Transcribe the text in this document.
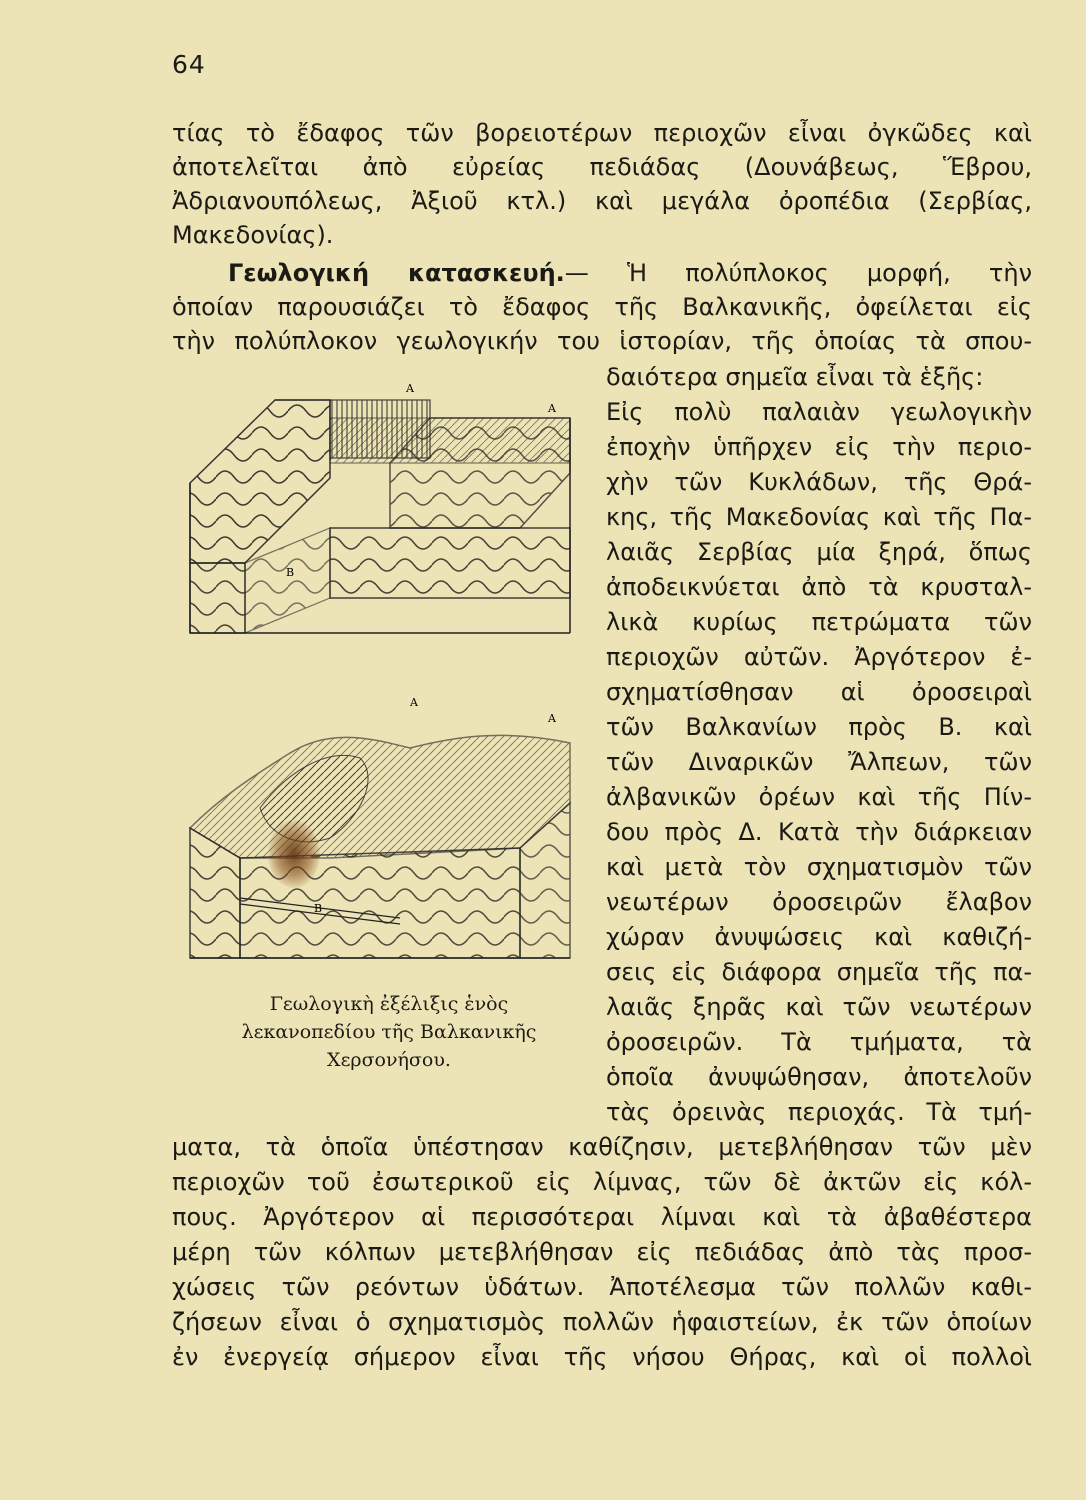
64
τίας τὸ ἔδαφος τῶν βορειοτέρων περιοχῶν εἶναι ὀγκῶδες καὶ
ἀποτελεῖται ἀπὸ εὐρείας πεδιάδας (Δουνάβεως, Ἕβρου,
Ἀδριανουπόλεως, Ἀξιοῦ κτλ.) καὶ μεγάλα ὀροπέδια (Σερβίας,
Μακεδονίας).
Γεωλογική κατασκευή.— Ἡ πολύπλοκος μορφή, τὴν
ὁποίαν παρουσιάζει τὸ ἔδαφος τῆς Βαλκανικῆς, ὀφείλεται εἰς
τὴν πολύπλοκον γεωλογικήν του ἱστορίαν, τῆς ὁποίας τὰ σπου-
δαιότερα σημεῖα εἶναι τὰ ἑξῆς:
Εἰς πολὺ παλαιὰν γεωλογικὴν
ἐποχὴν ὑπῆρχεν εἰς τὴν περιο-
χὴν τῶν Κυκλάδων, τῆς Θρά-
κης, τῆς Μακεδονίας καὶ τῆς Πα-
λαιᾶς Σερβίας μία ξηρά, ὅπως
ἀποδεικνύεται ἀπὸ τὰ κρυσταλ-
λικὰ κυρίως πετρώματα τῶν
περιοχῶν αὐτῶν. Ἀργότερον ἐ-
σχηματίσθησαν αἱ ὀροσειραὶ
τῶν Βαλκανίων πρὸς Β. καὶ
τῶν Διναρικῶν Ἄλπεων, τῶν
ἀλβανικῶν ὀρέων καὶ τῆς Πίν-
δου πρὸς Δ. Κατὰ τὴν διάρκειαν
καὶ μετὰ τὸν σχηματισμὸν τῶν
νεωτέρων ὀροσειρῶν ἔλαβον
χώραν ἀνυψώσεις καὶ καθιζή-
σεις εἰς διάφορα σημεῖα τῆς πα-
λαιᾶς ξηρᾶς καὶ τῶν νεωτέρων
ὀροσειρῶν. Τὰ τμήματα, τὰ
ὁποῖα ἀνυψώθησαν, ἀποτελοῦν
τὰς ὀρεινὰς περιοχάς. Τὰ τμή-
ματα, τὰ ὁποῖα ὑπέστησαν καθίζησιν, μετεβλήθησαν τῶν μὲν
περιοχῶν τοῦ ἐσωτερικοῦ εἰς λίμνας, τῶν δὲ ἀκτῶν εἰς κόλ-
πους. Ἀργότερον αἱ περισσότεραι λίμναι καὶ τὰ ἀβαθέστερα
μέρη τῶν κόλπων μετεβλήθησαν εἰς πεδιάδας ἀπὸ τὰς προσ-
χώσεις τῶν ρεόντων ὑδάτων. Ἀποτέλεσμα τῶν πολλῶν καθι-
ζήσεων εἶναι ὁ σχηματισμὸς πολλῶν ἡφαιστείων, ἐκ τῶν ὁποίων
ἐν ἐνεργείᾳ σήμερον εἶναι τῆς νήσου Θήρας, καὶ οἱ πολλοὶ
Α
Α
Β
Α
Α
Β
Γεωλογικὴ ἐξέλιξις ἑνὸς
λεκανοπεδίου τῆς Βαλκανικῆς
Χερσονήσου.
